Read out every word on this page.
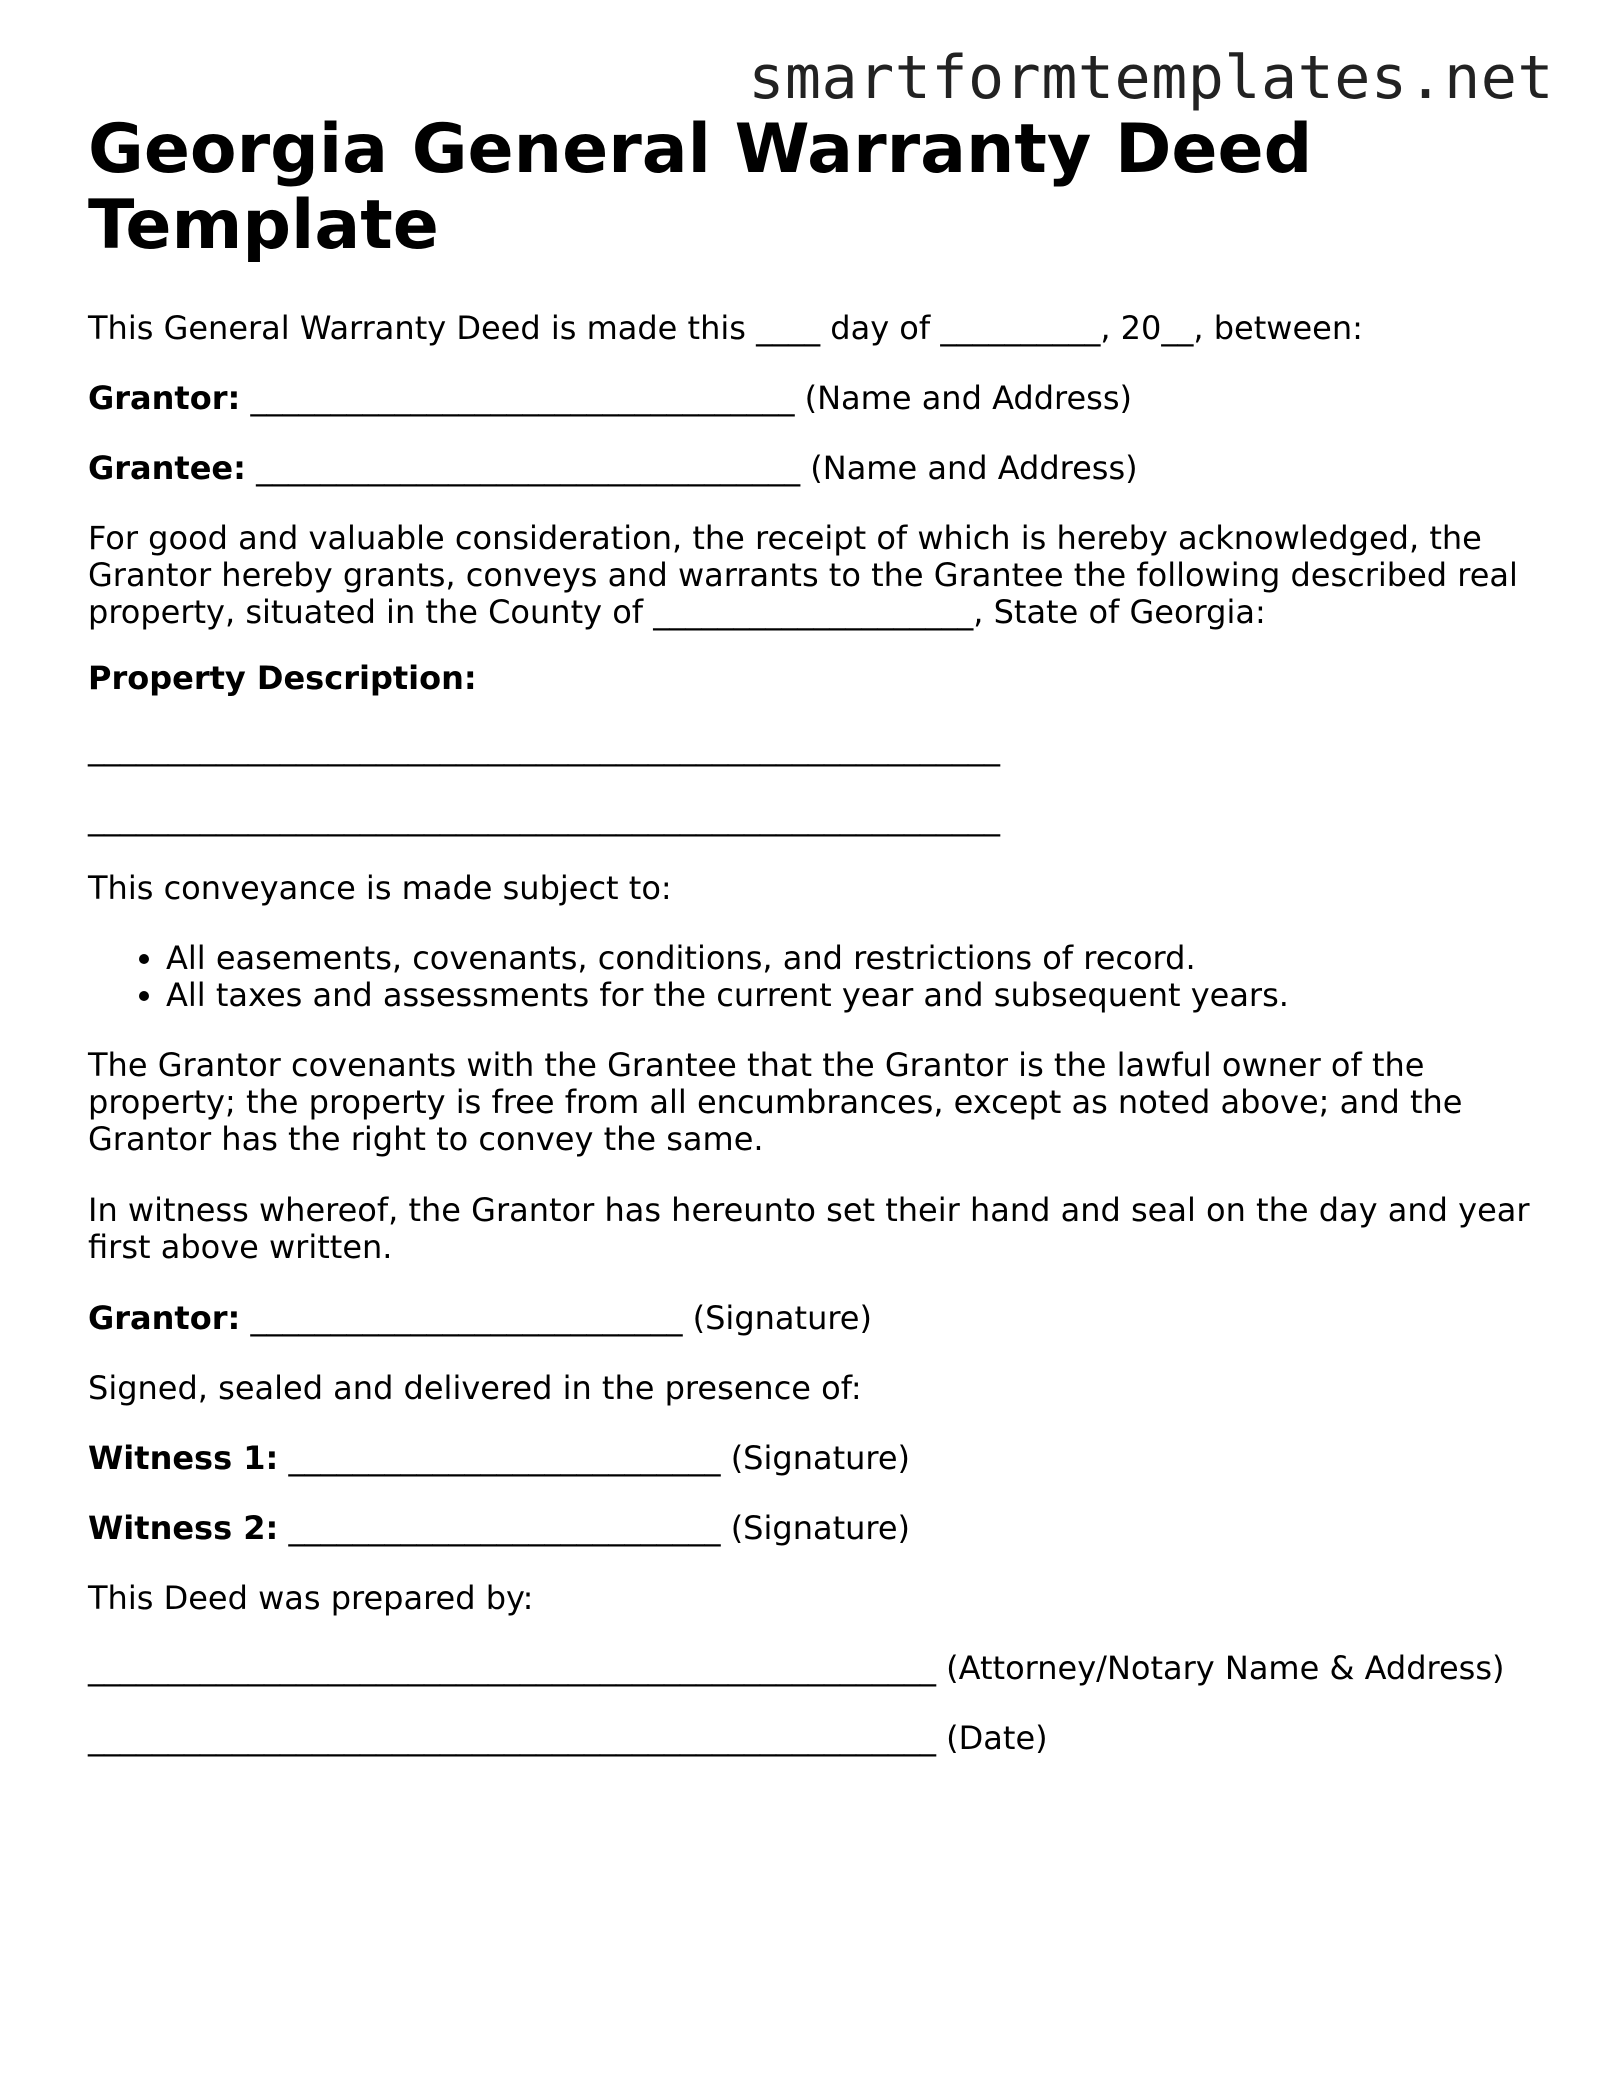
smartformtemplates.net
Georgia General Warranty Deed
Template

This General Warranty Deed is made this ____ day of __________, 20__, between:

Grantor: __________________________________ (Name and Address)

Grantee: __________________________________ (Name and Address)

For good and valuable consideration, the receipt of which is hereby acknowledged, the
Grantor hereby grants, conveys and warrants to the Grantee the following described real
property, situated in the County of ____________________, State of Georgia:

Property Description:

_________________________________________________________

_________________________________________________________

This conveyance is made subject to:

• All easements, covenants, conditions, and restrictions of record.
• All taxes and assessments for the current year and subsequent years.
The Grantor covenants with the Grantee that the Grantor is the lawful owner of the
property; the property is free from all encumbrances, except as noted above; and the
Grantor has the right to convey the same.
In witness whereof, the Grantor has hereunto set their hand and seal on the day and year
first above written.

Grantor: ___________________________ (Signature)

Signed, sealed and delivered in the presence of:

Witness 1: ___________________________ (Signature)

Witness 2: ___________________________ (Signature)

This Deed was prepared by:

_____________________________________________________ (Attorney/Notary Name & Address)

_____________________________________________________ (Date)
